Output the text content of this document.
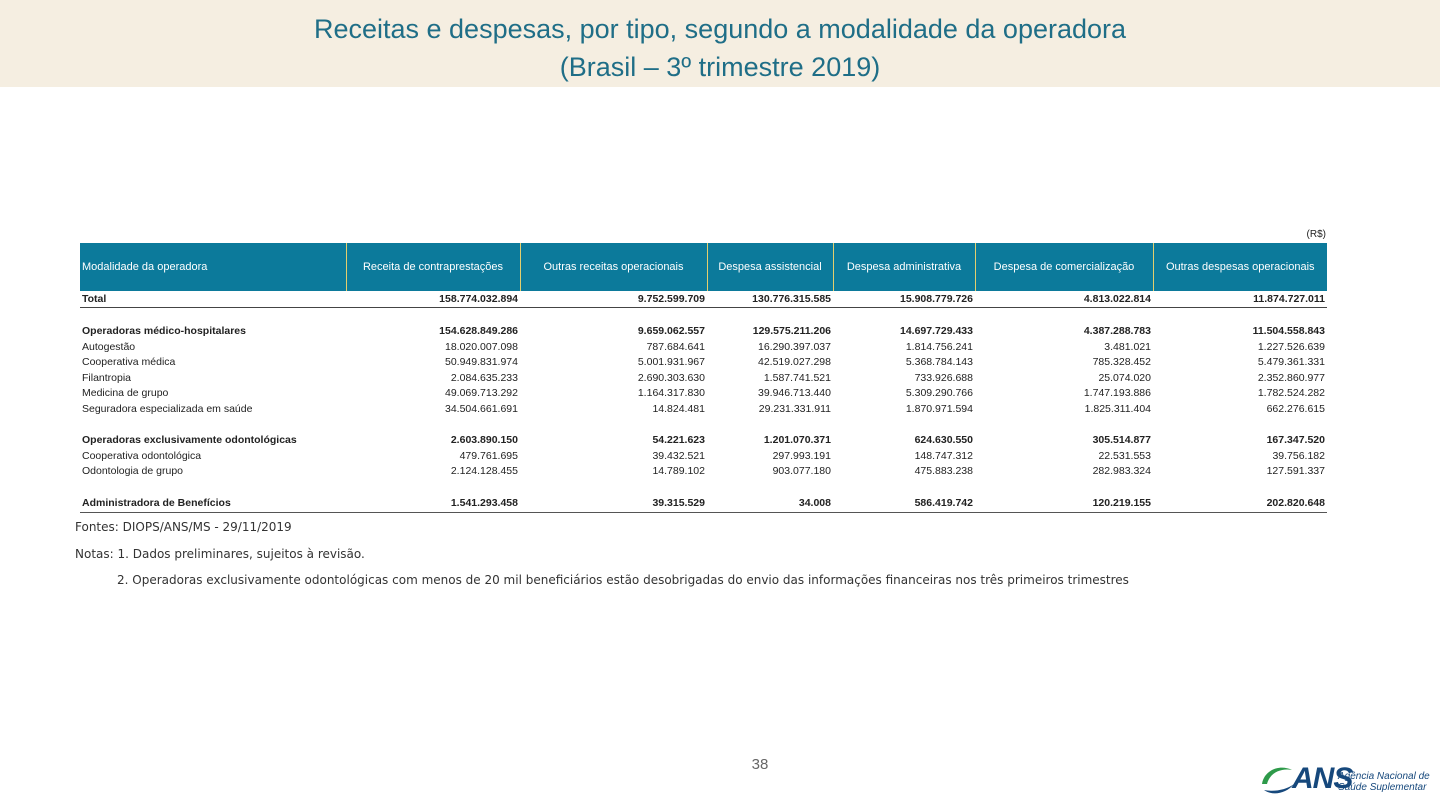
Receitas e despesas, por tipo, segundo a modalidade da operadora
(Brasil – 3º trimestre 2019)
(R$)
Modalidade da operadora	Receita de contraprestações	Outras receitas operacionais	Despesa assistencial	Despesa administrativa	Despesa de comercialização	Outras despesas operacionais
Total	158.774.032.894	9.752.599.709	130.776.315.585	15.908.779.726	4.813.022.814	11.874.727.011

Operadoras médico-hospitalares	154.628.849.286	9.659.062.557	129.575.211.206	14.697.729.433	4.387.288.783	11.504.558.843
Autogestão	18.020.007.098	787.684.641	16.290.397.037	1.814.756.241	3.481.021	1.227.526.639
Cooperativa médica	50.949.831.974	5.001.931.967	42.519.027.298	5.368.784.143	785.328.452	5.479.361.331
Filantropia	2.084.635.233	2.690.303.630	1.587.741.521	733.926.688	25.074.020	2.352.860.977
Medicina de grupo	49.069.713.292	1.164.317.830	39.946.713.440	5.309.290.766	1.747.193.886	1.782.524.282
Seguradora especializada em saúde	34.504.661.691	14.824.481	29.231.331.911	1.870.971.594	1.825.311.404	662.276.615

Operadoras exclusivamente odontológicas	2.603.890.150	54.221.623	1.201.070.371	624.630.550	305.514.877	167.347.520
Cooperativa odontológica	479.761.695	39.432.521	297.993.191	148.747.312	22.531.553	39.756.182
Odontologia de grupo	2.124.128.455	14.789.102	903.077.180	475.883.238	282.983.324	127.591.337

Administradora de Benefícios	1.541.293.458	39.315.529	34.008	586.419.742	120.219.155	202.820.648
Fontes: DIOPS/ANS/MS - 29/11/2019
Notas: 1. Dados preliminares, sujeitos à revisão.
2. Operadoras exclusivamente odontológicas com menos de 20 mil beneficiários estão desobrigadas do envio das informações financeiras nos três primeiros trimestres
38	ANS
Agência Nacional de
Saúde Suplementar
